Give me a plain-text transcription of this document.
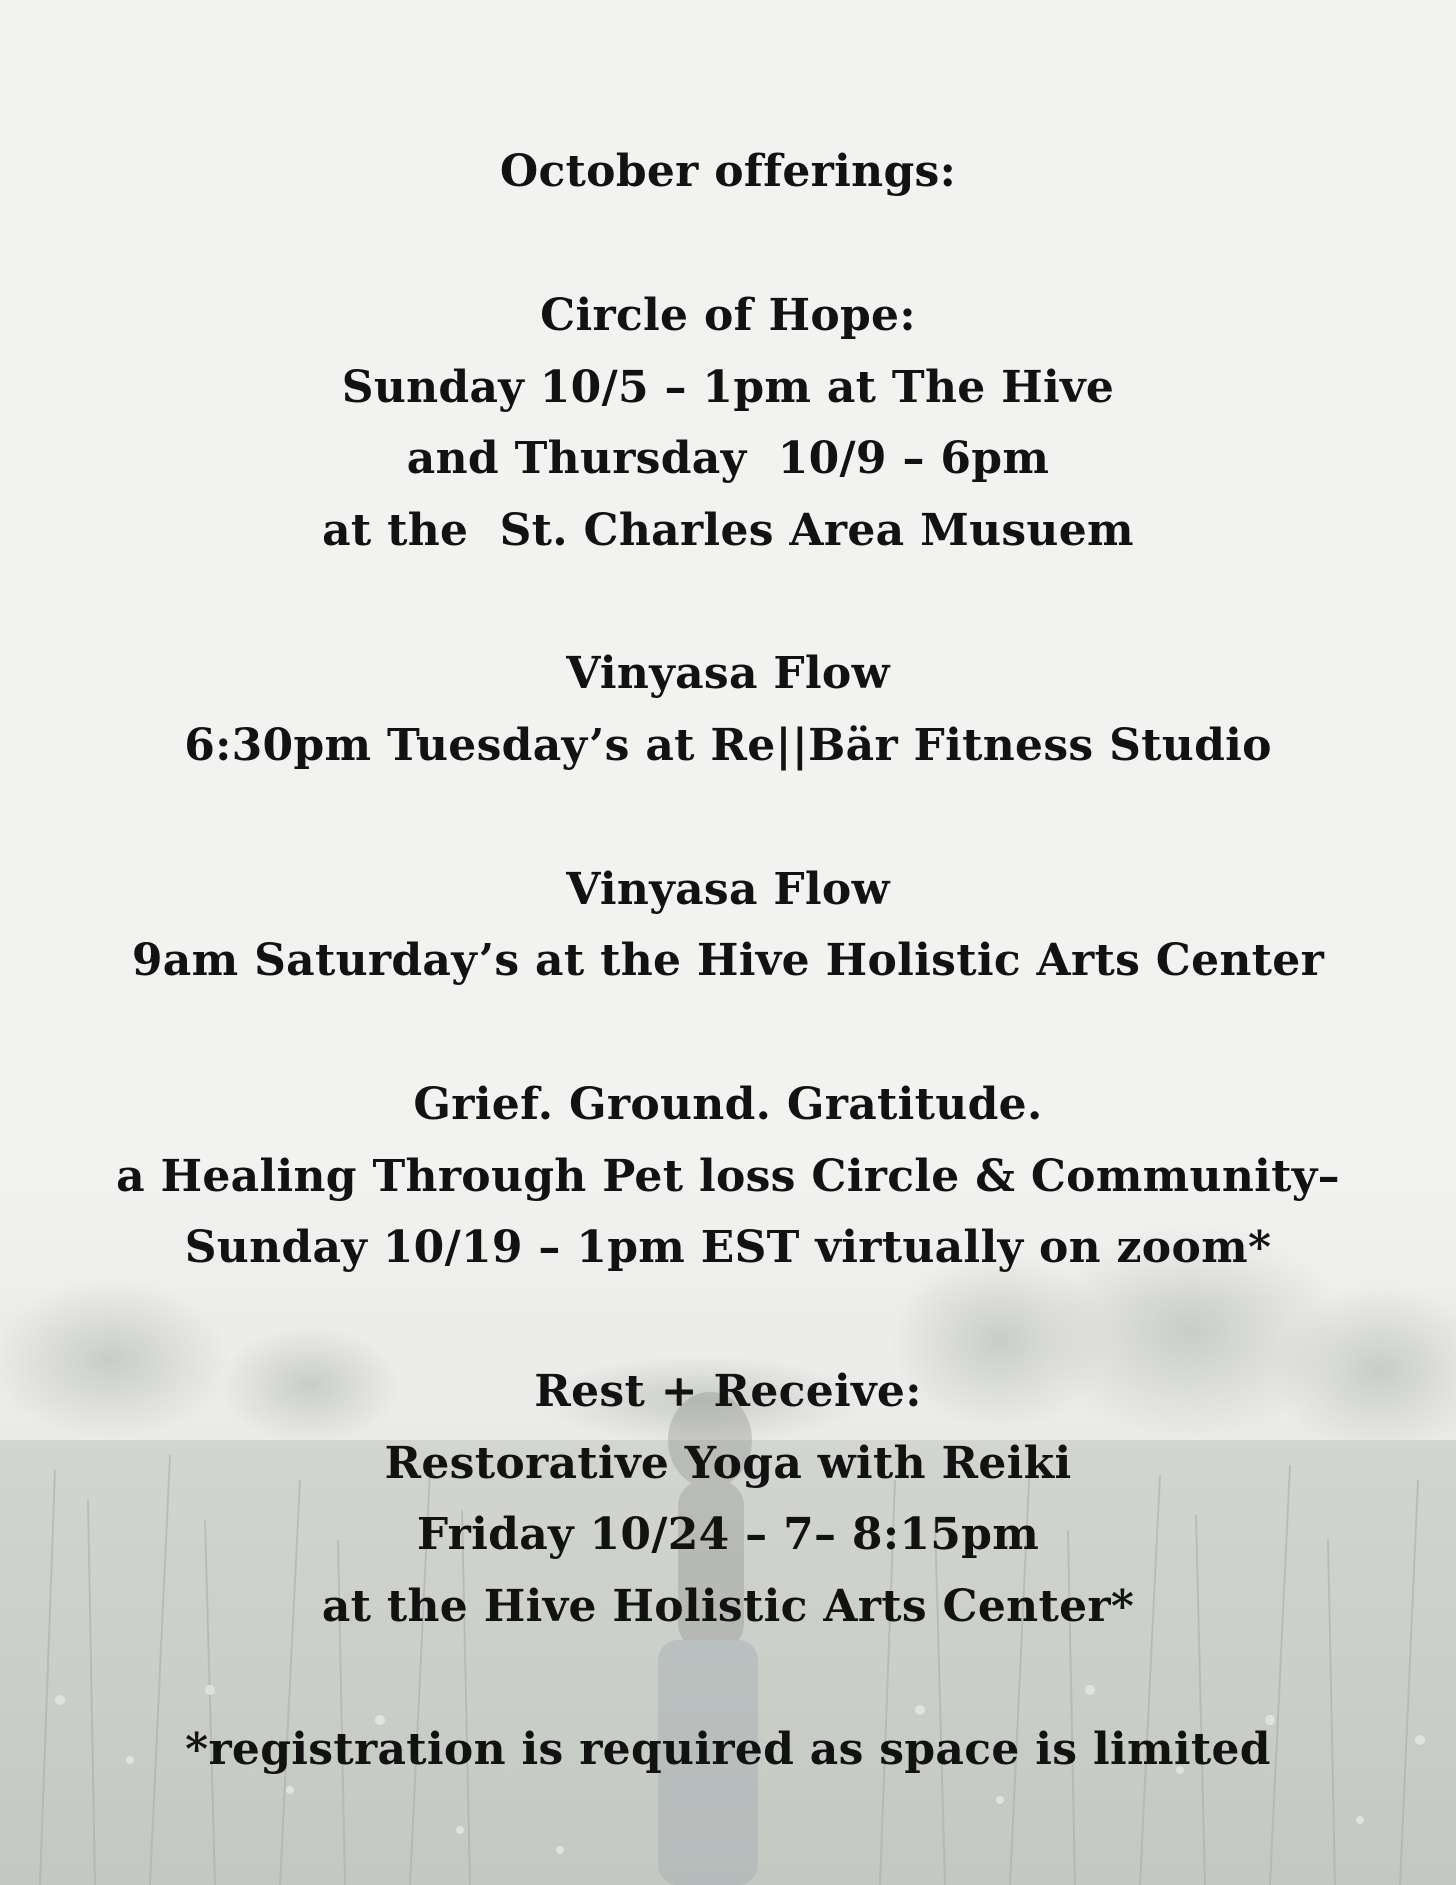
October offerings:
Circle of Hope:
Sunday 10/5 – 1pm at The Hive
and Thursday  10/9 – 6pm
at the  St. Charles Area Musuem
Vinyasa Flow
6:30pm Tuesday’s at Re||Bär Fitness Studio
Vinyasa Flow
9am Saturday’s at the Hive Holistic Arts Center
Grief. Ground. Gratitude.
a Healing Through Pet loss Circle & Community–
Sunday 10/19 – 1pm EST virtually on zoom*
Rest + Receive:
Restorative Yoga with Reiki
Friday 10/24 – 7– 8:15pm
at the Hive Holistic Arts Center*
*registration is required as space is limited
